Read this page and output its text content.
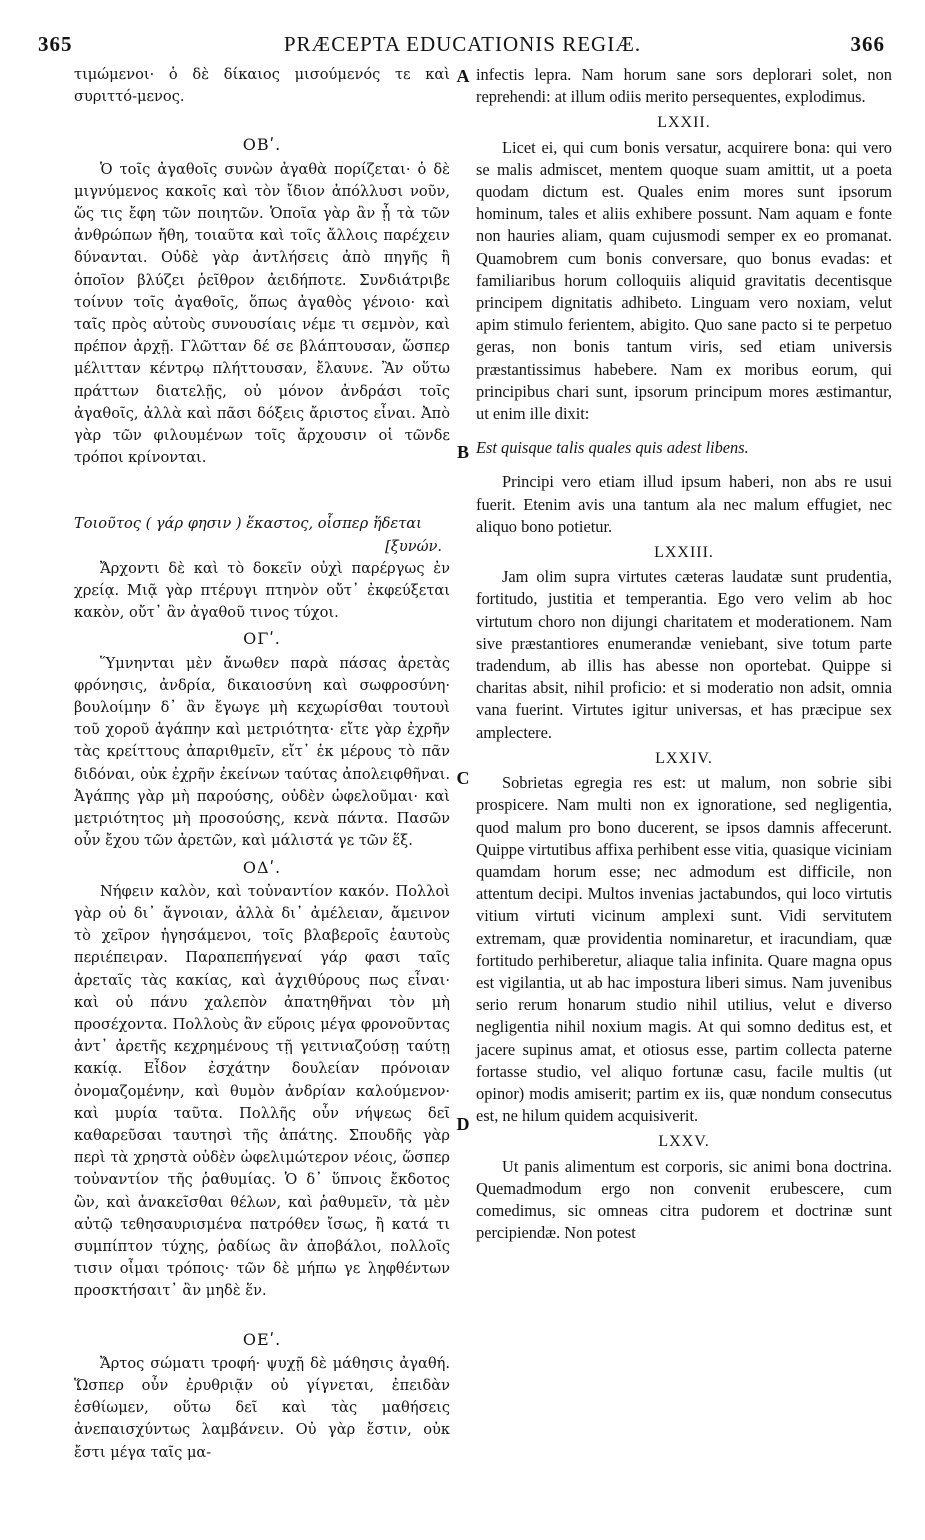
365	PRÆCEPTA EDUCATIONIS REGIÆ.	366
A
B
C
D

τιμώμενοι· ὁ δὲ δίκαιος μισούμενός τε καὶ συριττό-μενος.

ΟΒʹ.

Ὁ τοῖς ἀγαθοῖς συνὼν ἀγαθὰ πορίζεται· ὁ δὲ μιγνύμενος κακοῖς καὶ τὸν ἴδιον ἀπόλλυσι νοῦν, ὥς τις ἔφη τῶν ποιητῶν. Ὁποῖα γὰρ ἂν ᾖ τὰ τῶν ἀνθρώπων ἤθη, τοιαῦτα καὶ τοῖς ἄλλοις παρέχειν δύνανται. Οὐδὲ γὰρ ἀντλήσεις ἀπὸ πηγῆς ἢ ὁποῖον βλύζει ῥεῖθρον ἀειδήποτε. Συνδιάτριβε τοίνυν τοῖς ἀγαθοῖς, ὅπως ἀγαθὸς γένοιο· καὶ ταῖς πρὸς αὐτοὺς συνουσίαις νέμε τι σεμνὸν, καὶ πρέπον ἀρχῇ. Γλῶτταν δέ σε βλάπτουσαν, ὥσπερ μέλιτταν κέντρῳ πλήττουσαν, ἔλαυνε. Ἂν οὕτω πράττων διατελῇς, οὐ μόνον ἀνδράσι τοῖς ἀγαθοῖς, ἀλλὰ καὶ πᾶσι δόξεις ἄριστος εἶναι. Ἀπὸ γὰρ τῶν φιλουμένων τοῖς ἄρχουσιν οἱ τῶνδε τρόποι κρίνονται.

Τοιοῦτος ( γάρ φησιν ) ἕκαστος, οἷσπερ ἥδεται

[ξυνών.

Ἄρχοντι δὲ καὶ τὸ δοκεῖν οὐχὶ παρέργως ἐν χρείᾳ. Μιᾷ γὰρ πτέρυγι πτηνὸν οὔτ᾽ ἐκφεύξεται κακὸν, οὔτ᾽ ἂν ἀγαθοῦ τινος τύχοι.

ΟΓʹ.

Ὕμνηνται μὲν ἄνωθεν παρὰ πάσας ἀρετὰς φρόνησις, ἀνδρία, δικαιοσύνη καὶ σωφροσύνη· βουλοίμην δ᾽ ἂν ἔγωγε μὴ κεχωρίσθαι τουτουὶ τοῦ χοροῦ ἀγάπην καὶ μετριότητα· εἴτε γὰρ ἐχρῆν τὰς κρείττους ἀπαριθμεῖν, εἴτ᾽ ἐκ μέρους τὸ πᾶν διδόναι, οὐκ ἐχρῆν ἐκείνων ταύτας ἀπολειφθῆναι. Ἀγάπης γὰρ μὴ παρούσης, οὐδὲν ὠφελοῦμαι· καὶ μετριότητος μὴ προσούσης, κενὰ πάντα. Πασῶν οὖν ἔχου τῶν ἀρετῶν, καὶ μάλιστά γε τῶν ἕξ.

ΟΔʹ.

Νήφειν καλὸν, καὶ τοὐναντίον κακόν. Πολλοὶ γὰρ οὐ δι᾽ ἄγνοιαν, ἀλλὰ δι᾽ ἀμέλειαν, ἄμεινον τὸ χεῖρον ἡγησάμενοι, τοῖς βλαβεροῖς ἑαυτοὺς περιέπειραν. Παραπεπήγεναί γάρ φασι ταῖς ἀρεταῖς τὰς κακίας, καὶ ἀγχιθύρους πως εἶναι· καὶ οὐ πάνυ χαλεπὸν ἀπατηθῆναι τὸν μὴ προσέχοντα. Πολλοὺς ἂν εὕροις μέγα φρονοῦντας ἀντ᾽ ἀρετῆς κεχρημένους τῇ γειτνιαζούσῃ ταύτῃ κακίᾳ. Εἶδον ἐσχάτην δουλείαν πρόνοιαν ὀνομαζομένην, καὶ θυμὸν ἀνδρίαν καλούμενον· καὶ μυρία ταῦτα. Πολλῆς οὖν νήψεως δεῖ καθαρεῦσαι ταυτησὶ τῆς ἀπάτης. Σπουδῆς γὰρ περὶ τὰ χρηστὰ οὐδὲν ὠφελιμώτερον νέοις, ὥσπερ τοὐναντίον τῆς ῥαθυμίας. Ὁ δ᾽ ὕπνοις ἔκδοτος ὢν, καὶ ἀνακεῖσθαι θέλων, καὶ ῥαθυμεῖν, τὰ μὲν αὐτῷ τεθησαυρισμένα πατρόθεν ἴσως, ἢ κατά τι συμπίπτον τύχης, ῥαδίως ἂν ἀποβάλοι, πολλοῖς τισιν οἶμαι τρόποις· τῶν δὲ μήπω γε ληφθέντων προσκτήσαιτ᾽ ἂν μηδὲ ἕν.

ΟΕʹ.

Ἄρτος σώματι τροφή· ψυχῇ δὲ μάθησις ἀγαθή. Ὥσπερ οὖν ἐρυθριᾷν οὐ γίγνεται, ἐπειδὰν ἐσθίωμεν, οὕτω δεῖ καὶ τὰς μαθήσεις ἀνεπαισχύντως λαμβάνειν. Οὐ γὰρ ἔστιν, οὐκ ἔστι μέγα ταῖς μα-

infectis lepra. Nam horum sane sors deplorari solet, non reprehendi: at illum odiis merito persequentes, explodimus.

LXXII.

Licet ei, qui cum bonis versatur, acquirere bona: qui vero se malis admiscet, mentem quoque suam amittit, ut a poeta quodam dictum est. Quales enim mores sunt ipsorum hominum, tales et aliis exhibere possunt. Nam aquam e fonte non hauries aliam, quam cujusmodi semper ex eo promanat. Quamobrem cum bonis conversare, quo bonus evadas: et familiaribus horum colloquiis aliquid gravitatis decentisque principem dignitatis adhibeto. Linguam vero noxiam, velut apim stimulo ferientem, abigito. Quo sane pacto si te perpetuo geras, non bonis tantum viris, sed etiam universis præstantissimus habebere. Nam ex moribus eorum, qui principibus chari sunt, ipsorum principum mores æstimantur, ut enim ille dixit:

Est quisque talis quales quis adest libens.

Principi vero etiam illud ipsum haberi, non abs re usui fuerit. Etenim avis una tantum ala nec malum effugiet, nec aliquo bono potietur.

LXXIII.

Jam olim supra virtutes cæteras laudatæ sunt prudentia, fortitudo, justitia et temperantia. Ego vero velim ab hoc virtutum choro non dijungi charitatem et moderationem. Nam sive præstantiores enumerandæ veniebant, sive totum parte tradendum, ab illis has abesse non oportebat. Quippe si charitas absit, nihil proficio: et si moderatio non adsit, omnia vana fuerint. Virtutes igitur universas, et has præcipue sex amplectere.

LXXIV.

Sobrietas egregia res est: ut malum, non sobrie sibi prospicere. Nam multi non ex ignoratione, sed negligentia, quod malum pro bono ducerent, se ipsos damnis affecerunt. Quippe virtutibus affixa perhibent esse vitia, quasique viciniam quamdam horum esse; nec admodum est difficile, non attentum decipi. Multos invenias jactabundos, qui loco virtutis vitium virtuti vicinum amplexi sunt. Vidi servitutem extremam, quæ providentia nominaretur, et iracundiam, quæ fortitudo perhiberetur, aliaque talia infinita. Quare magna opus est vigilantia, ut ab hac impostura liberi simus. Nam juvenibus serio rerum honarum studio nihil utilius, velut e diverso negligentia nihil noxium magis. At qui somno deditus est, et jacere supinus amat, et otiosus esse, partim collecta paterne fortasse studio, vel aliquo fortunæ casu, facile multis (ut opinor) modis amiserit; partim ex iis, quæ nondum consecutus est, ne hilum quidem acquisiverit.

LXXV.

Ut panis alimentum est corporis, sic animi bona doctrina. Quemadmodum ergo non convenit erubescere, cum comedimus, sic omneas citra pudorem et doctrinæ sunt percipiendæ. Non potest
